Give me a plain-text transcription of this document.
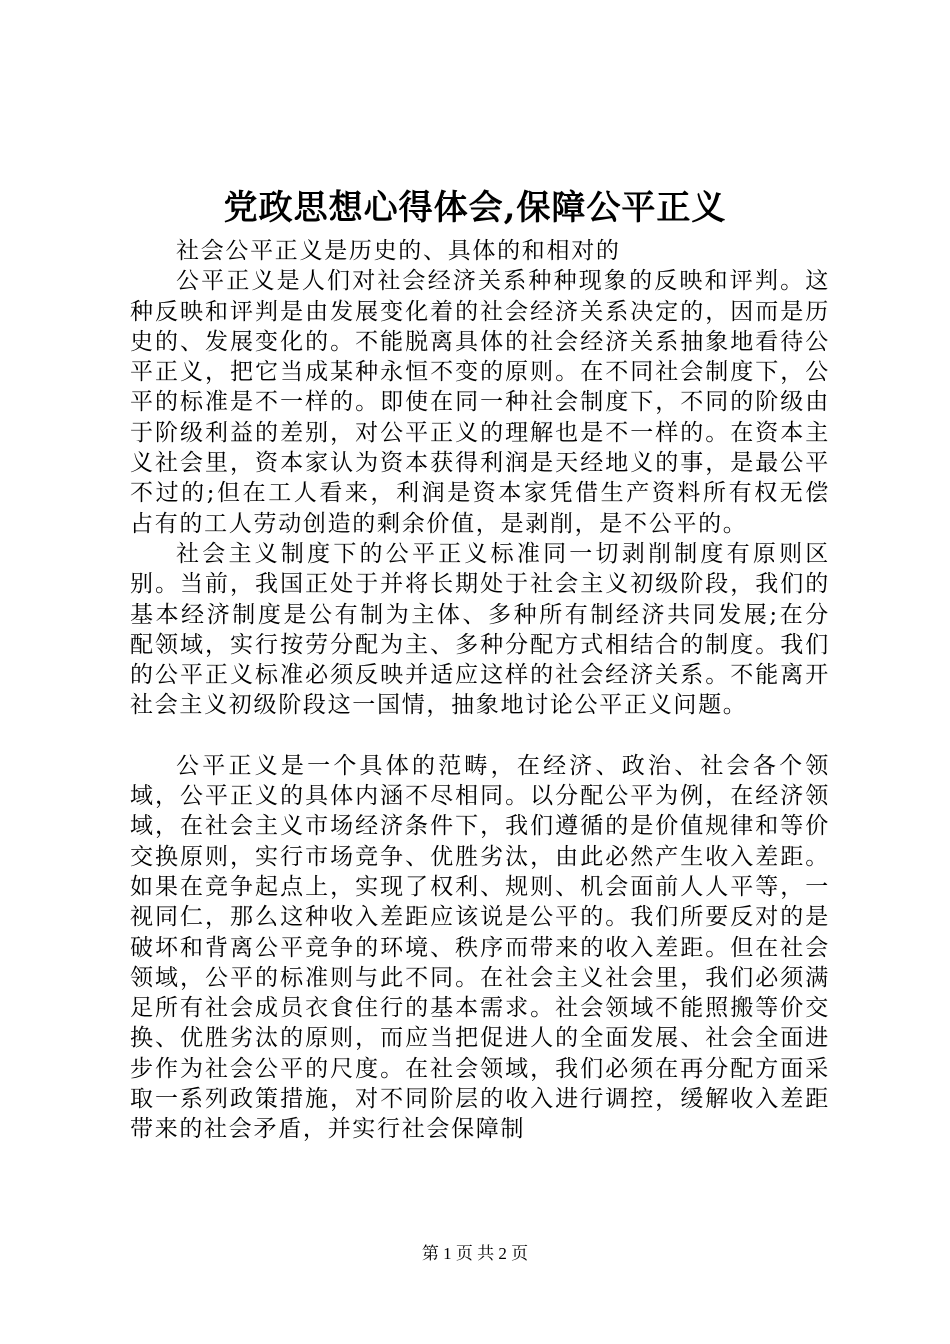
党政思想心得体会,保障公平正义

社会公平正义是历史的、具体的和相对的

公平正义是人们对社会经济关系种种现象的反映和评判。这种反映和评判是由发展变化着的社会经济关系决定的，因而是历史的、发展变化的。不能脱离具体的社会经济关系抽象地看待公平正义，把它当成某种永恒不变的原则。在不同社会制度下，公平的标准是不一样的。即使在同一种社会制度下，不同的阶级由于阶级利益的差别，对公平正义的理解也是不一样的。在资本主义社会里，资本家认为资本获得利润是天经地义的事，是最公平不过的;但在工人看来，利润是资本家凭借生产资料所有权无偿占有的工人劳动创造的剩余价值，是剥削，是不公平的。

社会主义制度下的公平正义标准同一切剥削制度有原则区别。当前，我国正处于并将长期处于社会主义初级阶段，我们的基本经济制度是公有制为主体、多种所有制经济共同发展;在分配领域，实行按劳分配为主、多种分配方式相结合的制度。我们的公平正义标准必须反映并适应这样的社会经济关系。不能离开社会主义初级阶段这一国情，抽象地讨论公平正义问题。

公平正义是一个具体的范畴，在经济、政治、社会各个领域，公平正义的具体内涵不尽相同。以分配公平为例，在经济领域，在社会主义市场经济条件下，我们遵循的是价值规律和等价交换原则，实行市场竞争、优胜劣汰，由此必然产生收入差距。如果在竞争起点上，实现了权利、规则、机会面前人人平等，一视同仁，那么这种收入差距应该说是公平的。我们所要反对的是破坏和背离公平竞争的环境、秩序而带来的收入差距。但在社会领域，公平的标准则与此不同。在社会主义社会里，我们必须满足所有社会成员衣食住行的基本需求。社会领域不能照搬等价交换、优胜劣汰的原则，而应当把促进人的全面发展、社会全面进步作为社会公平的尺度。在社会领域，我们必须在再分配方面采取一系列政策措施，对不同阶层的收入进行调控，缓解收入差距带来的社会矛盾，并实行社会保障制

第 1 页 共 2 页
